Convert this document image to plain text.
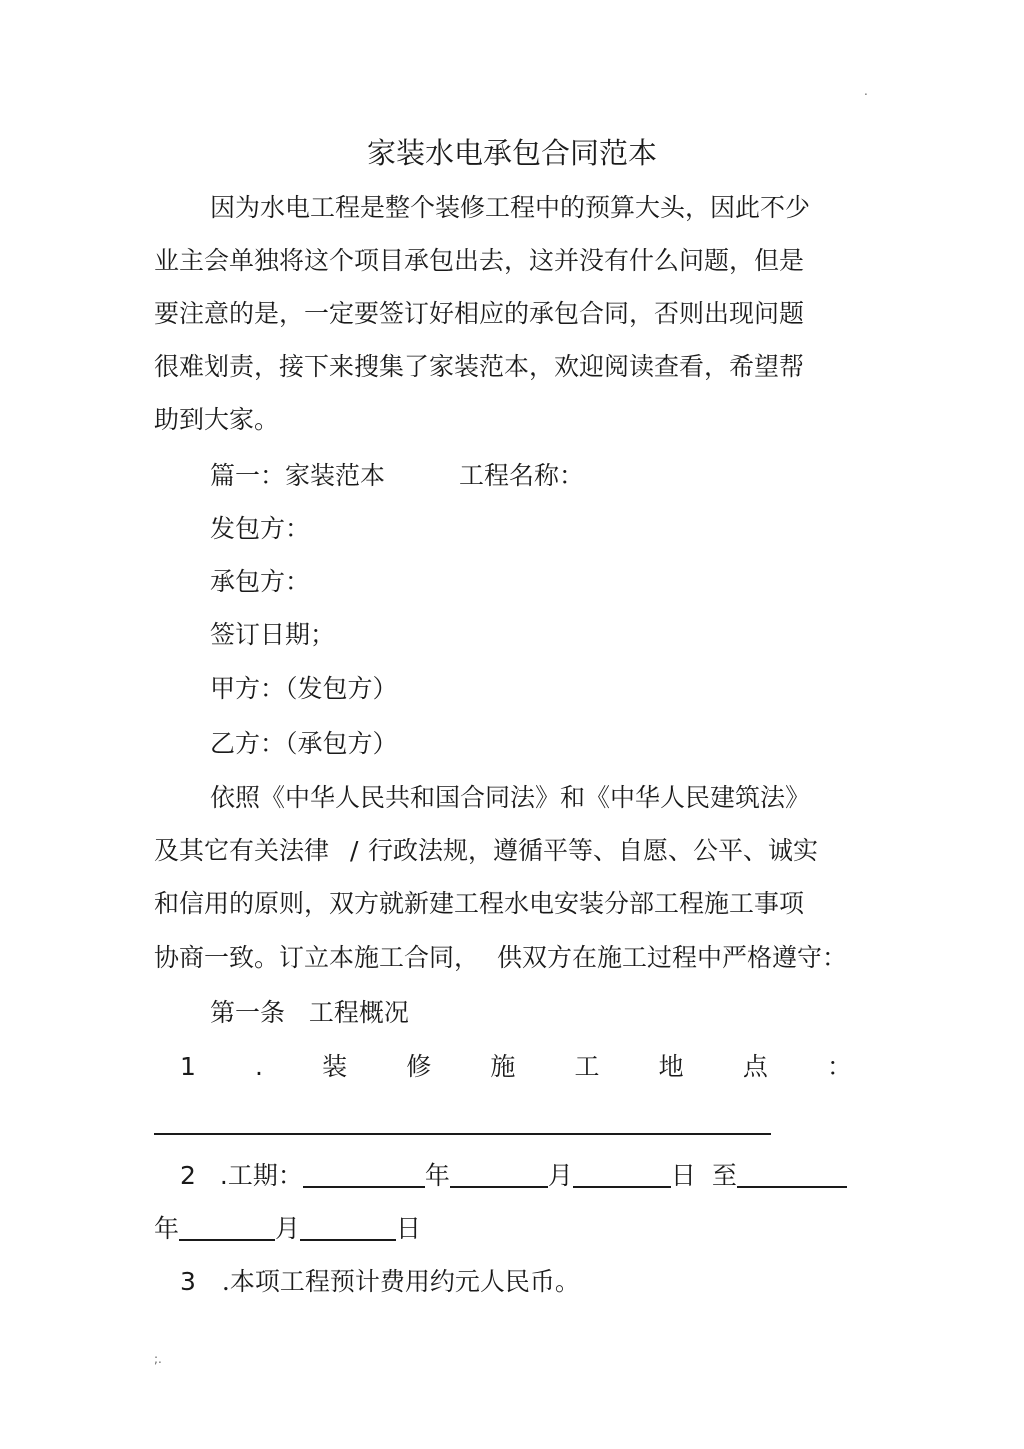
.
家装水电承包合同范本
因为水电工程是整个装修工程中的预算大头，因此不少
业主会单独将这个项目承包出去，这并没有什么问题，但是
要注意的是，一定要签订好相应的承包合同，否则出现问题
很难划责，接下来搜集了家装范本，欢迎阅读查看，希望帮
助到大家。
篇一：家装范本	工程名称：
发包方：
承包方：
签订日期；
甲方：（发包方）
乙方：（承包方）
依照《中华人民共和国合同法》和《中华人民建筑法》
及其它有关法律 / 行政法规，遵循平等、自愿、公平、诚实
和信用的原则，双方就新建工程水电安装分部工程施工事项
协商一致。订立本施工合同， 供双方在施工过程中严格遵守：
第一条   工程概况
1 . 装 修 施 工 地 点 ：
2 .工期：	年	月	日 至
年	月	日
3 .本项工程预计费用约元人民币。
;.
